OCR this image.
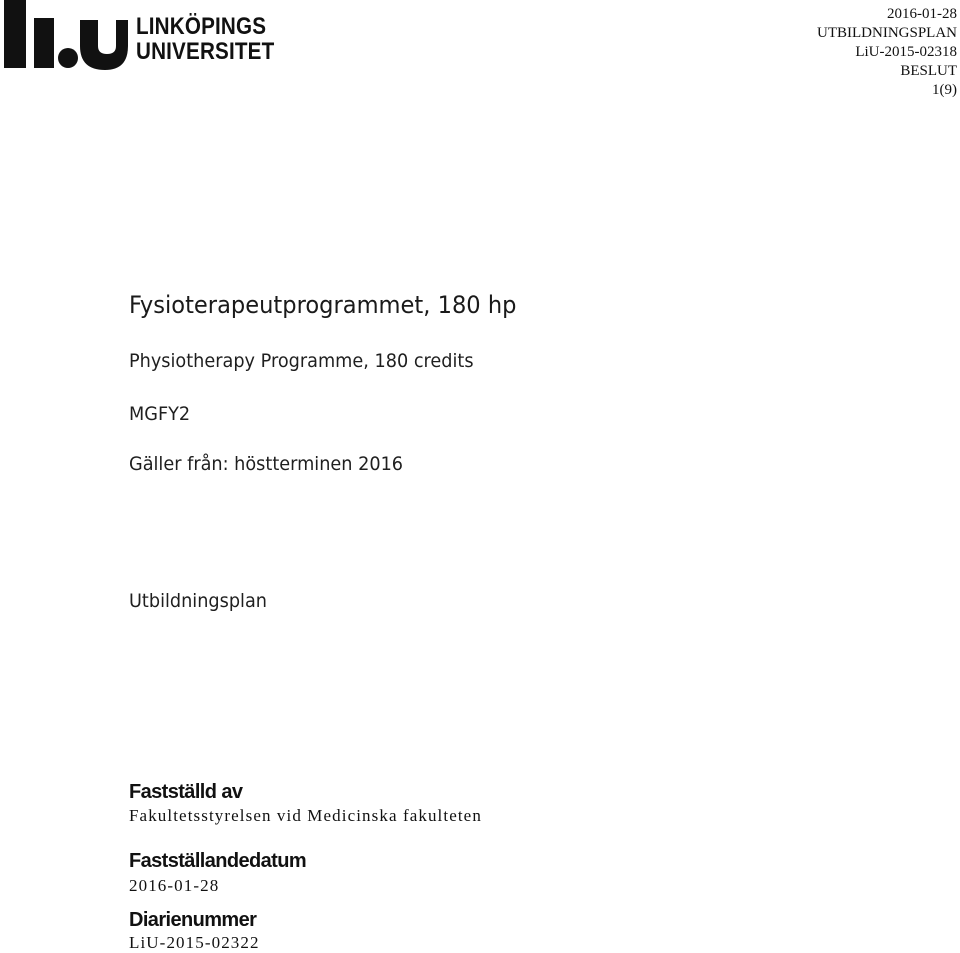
LINKÖPINGS
UNIVERSITET
2016-01-28
UTBILDNINGSPLAN
LiU-2015-02318
BESLUT
1(9)
Fysioterapeutprogrammet, 180 hp
Physiotherapy Programme, 180 credits
MGFY2
Gäller från: höstterminen 2016
Utbildningsplan
Fastställd av
Fakultetsstyrelsen vid Medicinska fakulteten
Fastställandedatum
2016-01-28
Diarienummer
LiU-2015-02322
